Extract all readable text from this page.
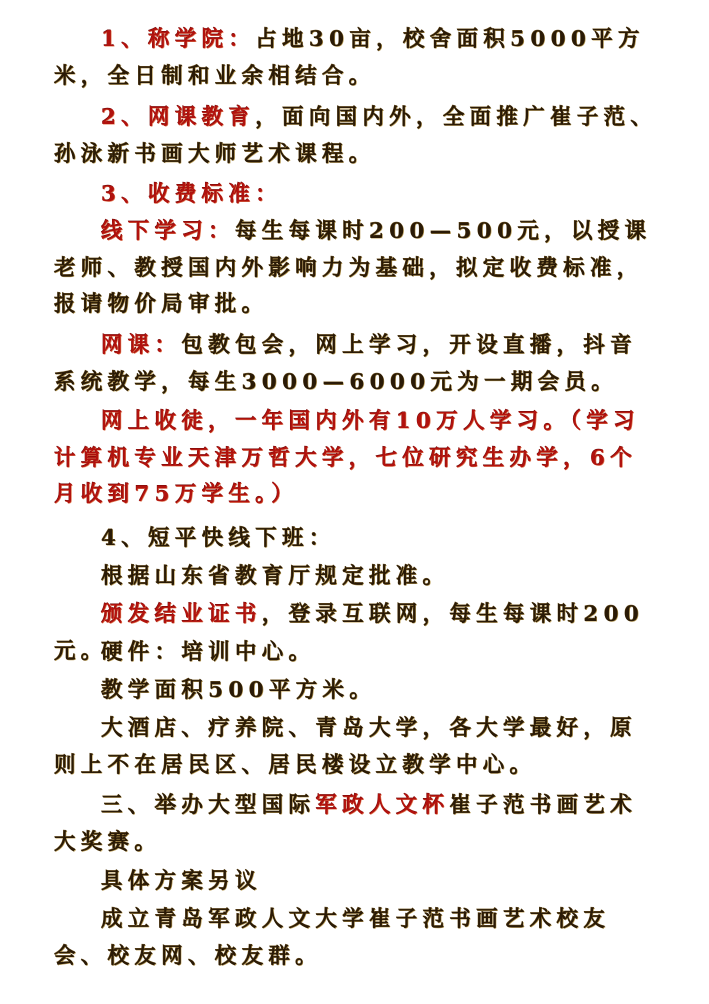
1、称学院：占地30亩，校舍面积5000平方米，全日制和业余相结合。

2、网课教育，面向国内外，全面推广崔子范、孙泳新书画大师艺术课程。

3、收费标准：

线下学习：每生每课时200—500元，以授课老师、教授国内外影响力为基础，拟定收费标准，报请物价局审批。

网课：包教包会，网上学习，开设直播，抖音系统教学，每生3000—6000元为一期会员。

网上收徒，一年国内外有10万人学习。（学习计算机专业天津万哲大学，七位研究生办学，6个月收到75万学生。）

4、短平快线下班：

根据山东省教育厅规定批准。

颁发结业证书，登录互联网，每生每课时200元。

硬件：培训中心。

教学面积500平方米。

大酒店、疗养院、青岛大学，各大学最好，原则上不在居民区、居民楼设立教学中心。

三、举办大型国际军政人文杯崔子范书画艺术大奖赛。

具体方案另议

成立青岛军政人文大学崔子范书画艺术校友会、校友网、校友群。
